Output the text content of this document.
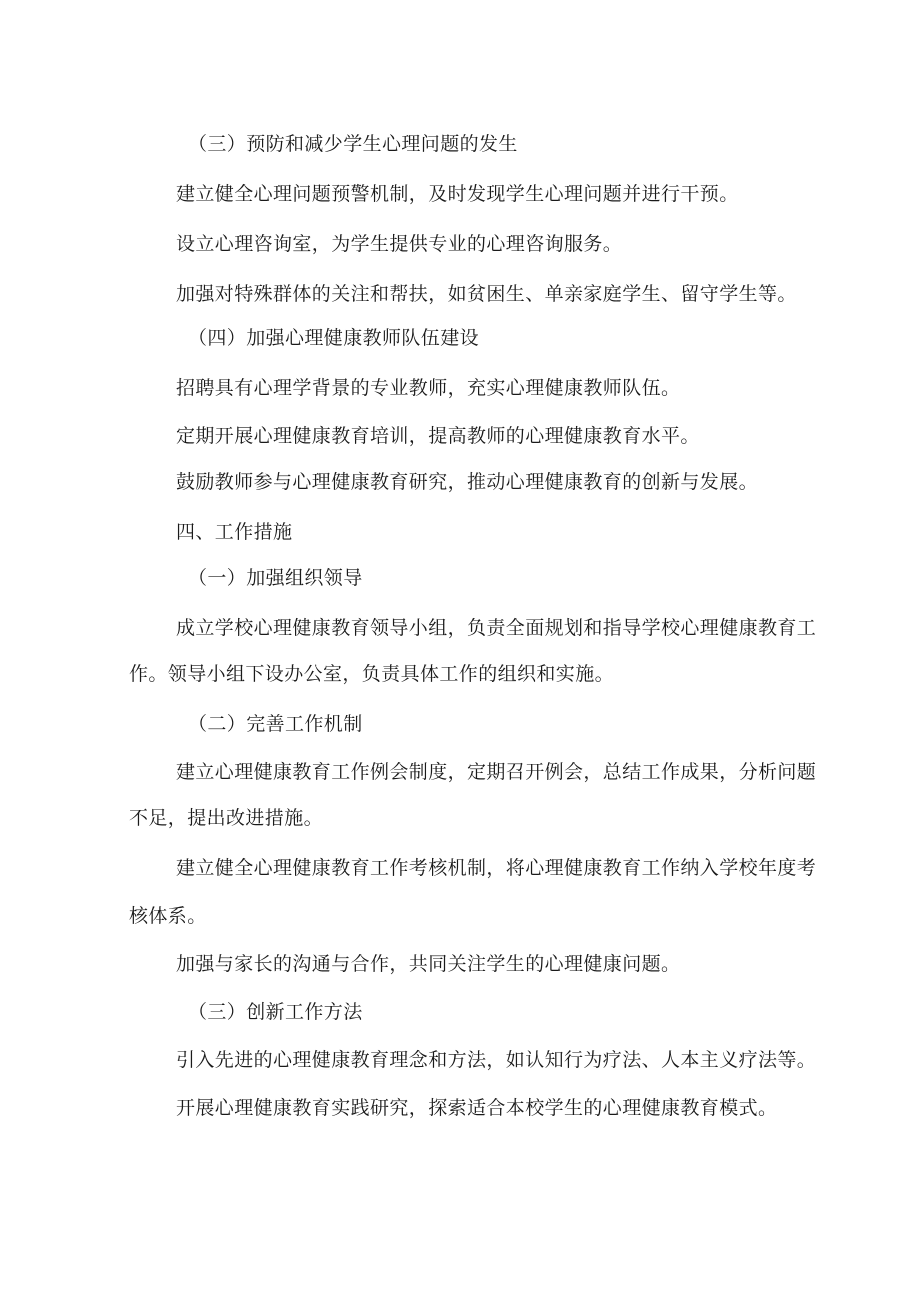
（三）预防和减少学生心理问题的发生
建立健全心理问题预警机制，及时发现学生心理问题并进行干预。
设立心理咨询室，为学生提供专业的心理咨询服务。
加强对特殊群体的关注和帮扶，如贫困生、单亲家庭学生、留守学生等。
（四）加强心理健康教师队伍建设
招聘具有心理学背景的专业教师，充实心理健康教师队伍。
定期开展心理健康教育培训，提高教师的心理健康教育水平。
鼓励教师参与心理健康教育研究，推动心理健康教育的创新与发展。
四、工作措施
（一）加强组织领导
成立学校心理健康教育领导小组，负责全面规划和指导学校心理健康教育工
作。领导小组下设办公室，负责具体工作的组织和实施。
（二）完善工作机制
建立心理健康教育工作例会制度，定期召开例会，总结工作成果，分析问题
不足，提出改进措施。
建立健全心理健康教育工作考核机制，将心理健康教育工作纳入学校年度考
核体系。
加强与家长的沟通与合作，共同关注学生的心理健康问题。
（三）创新工作方法
引入先进的心理健康教育理念和方法，如认知行为疗法、人本主义疗法等。
开展心理健康教育实践研究，探索适合本校学生的心理健康教育模式。
